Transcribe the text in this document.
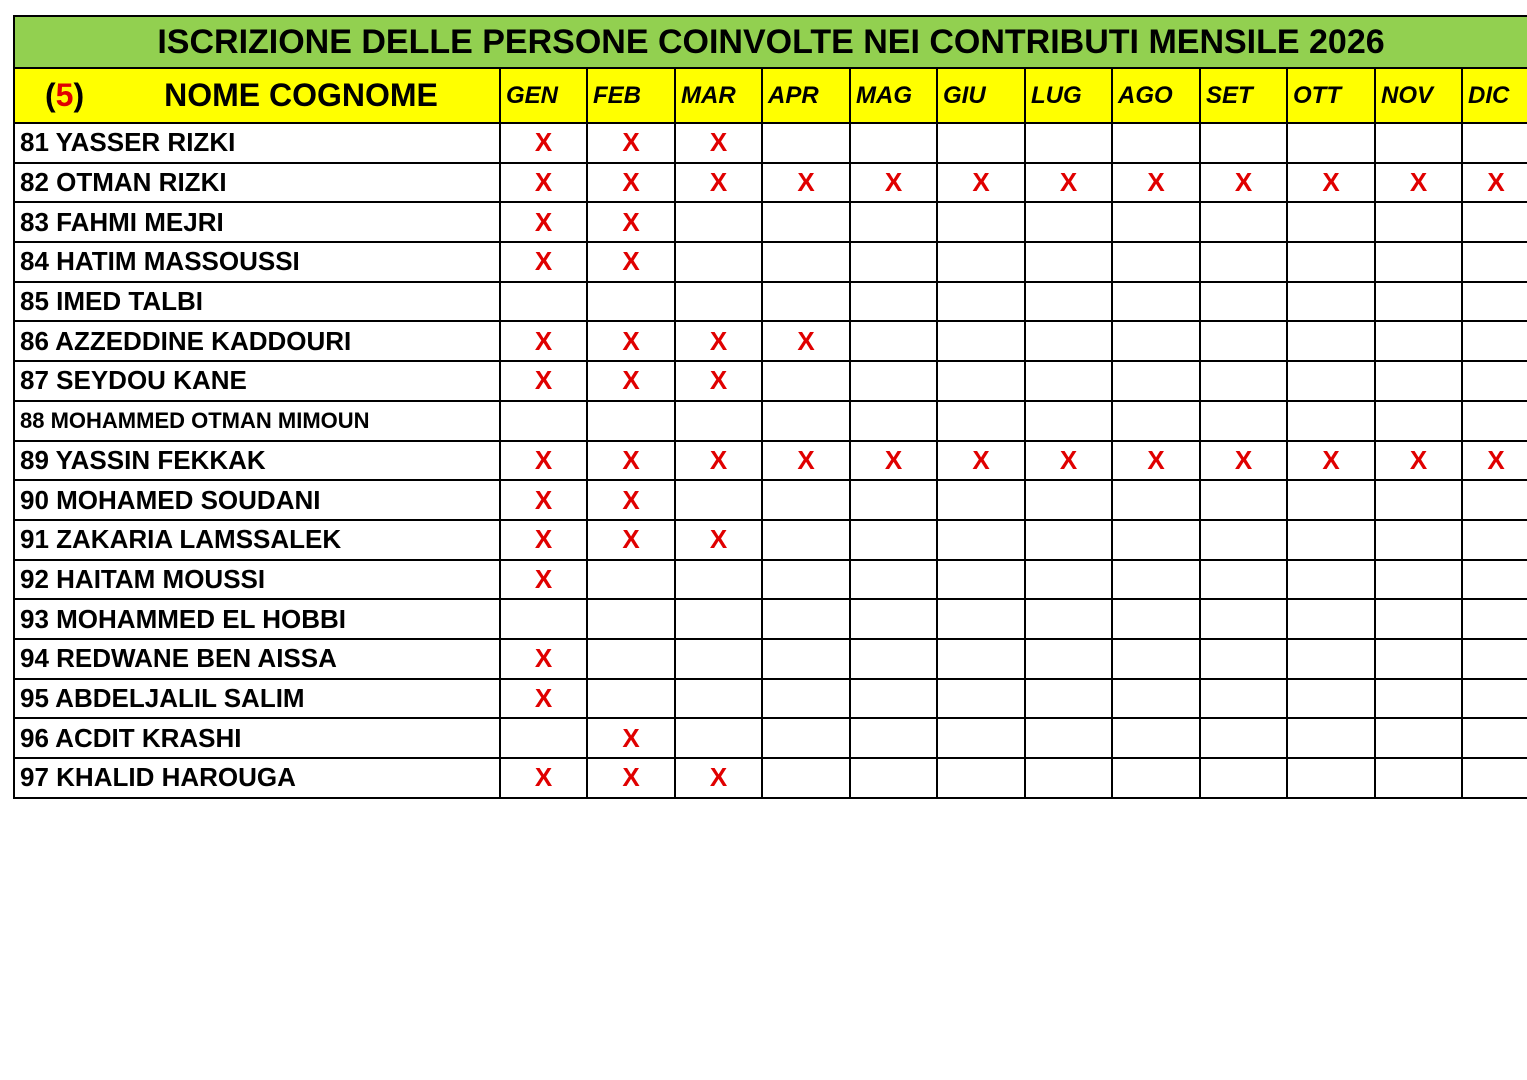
ISCRIZIONE DELLE PERSONE COINVOLTE NEI CONTRIBUTI MENSILE 2026
(5) NOME COGNOME	GEN	FEB	MAR	APR	MAG	GIU	LUG	AGO	SET	OTT	NOV	DIC
81 YASSER RIZKI	X	X	X									
82 OTMAN RIZKI	X	X	X	X	X	X	X	X	X	X	X	X
83 FAHMI MEJRI	X	X										
84 HATIM MASSOUSSI	X	X										
85 IMED TALBI												
86 AZZEDDINE KADDOURI	X	X	X	X								
87 SEYDOU KANE	X	X	X									
88 MOHAMMED OTMAN MIMOUN												
89 YASSIN FEKKAK	X	X	X	X	X	X	X	X	X	X	X	X
90 MOHAMED SOUDANI	X	X										
91 ZAKARIA LAMSSALEK	X	X	X									
92 HAITAM MOUSSI	X											
93 MOHAMMED EL HOBBI												
94 REDWANE BEN AISSA	X											
95 ABDELJALIL SALIM	X											
96 ACDIT KRASHI		X										
97 KHALID HAROUGA	X	X	X									
